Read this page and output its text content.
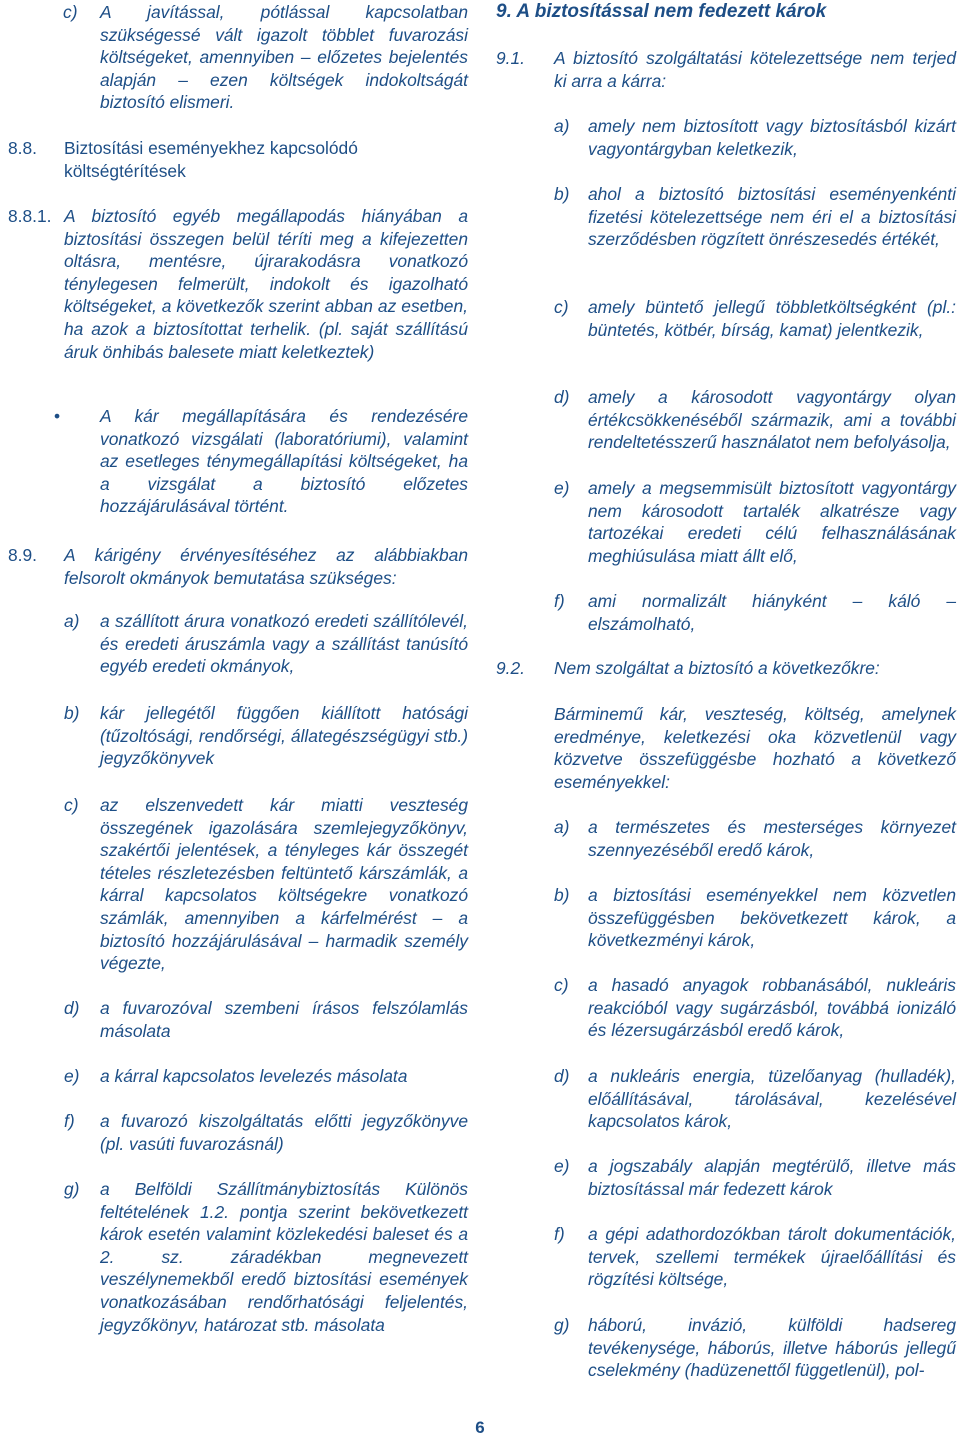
c)	A javítással, pótlással kapcsolatban szükségessé vált igazolt többlet fuvarozási költségeket, amennyiben – előzetes bejelentés alapján – ezen költségek indokoltságát biztosító elismeri.
8.8.	Biztosítási eseményekhez kapcsolódó költségtérítések
8.8.1. A biztosító egyéb megállapodás hiányában a biztosítási összegen belül téríti meg a kifejezetten oltásra, mentésre, újrarakodásra vonatkozó ténylegesen felmerült, indokolt és igazolható költségeket, a következők szerint abban az esetben, ha azok a biztosítottat terhelik. (pl. saját szállítású áruk önhibás balesete miatt keletkeztek)
•	A kár megállapítására és rendezésére vonatkozó vizsgálati (laboratóriumi), valamint az esetleges ténymegállapítási költségeket, ha a vizsgálat a biztosító előzetes hozzájárulásával történt.
8.9.	A kárigény érvényesítéséhez az alábbiakban felsorolt okmányok bemutatása szükséges:
a)	a szállított árura vonatkozó eredeti szállítólevél, és eredeti áruszámla vagy a szállítást tanúsító egyéb eredeti okmányok,
b)	kár jellegétől függően kiállított hatósági (tűzoltósági, rendőrségi, állategészségügyi stb.) jegyzőkönyvek
c)	az elszenvedett kár miatti veszteség összegének igazolására szemlejegyzőkönyv, szakértői jelentések, a tényleges kár összegét tételes részletezésben feltüntető kárszámlák, a kárral kapcsolatos költségekre vonatkozó számlák, amennyiben a kárfelmérést – a biztosító hozzájárulásával – harmadik személy végezte,
d)	a fuvarozóval szembeni írásos felszólamlás másolata
e)	a kárral kapcsolatos levelezés másolata
f)	a fuvarozó kiszolgáltatás előtti jegyzőkönyve (pl. vasúti fuvarozásnál)
g)	a Belföldi Szállítmánybiztosítás Különös feltételének 1.2. pontja szerint bekövetkezett károk esetén valamint közlekedési baleset és a 2. sz. záradékban megnevezett veszélynemekből eredő biztosítási események vonatkozásában rendőrhatósági feljelentés, jegyzőkönyv, határozat stb. másolata
9. A biztosítással nem fedezett károk
9.1.	A biztosító szolgáltatási kötelezettsége nem terjed ki arra a kárra:
a)	amely nem biztosított vagy biztosításból kizárt vagyontárgyban keletkezik,
b)	ahol a biztosító biztosítási eseményenkénti fizetési kötelezettsége nem éri el a biztosítási szerződésben rögzített önrészesedés értékét,
c)	amely büntető jellegű többletköltségként (pl.: büntetés, kötbér, bírság, kamat) jelentkezik,
d)	amely a károsodott vagyontárgy olyan értékcsökkenéséből származik, ami a további rendeltetésszerű használatot nem befolyásolja,
e)	amely a megsemmisült biztosított vagyontárgy nem károsodott tartalék alkatrésze vagy tartozékai eredeti célú felhasználásának meghiúsulása miatt állt elő,
f)	ami normalizált hiányként – káló – elszámolható,
9.2.	Nem szolgáltat a biztosító a következőkre:
Bárminemű kár, veszteség, költség, amelynek eredménye, keletkezési oka közvetlenül vagy közvetve összefüggésbe hozható a következő eseményekkel:
a)	a természetes és mesterséges környezet szennyezéséből eredő károk,
b)	a biztosítási eseményekkel nem közvetlen összefüggésben bekövetkezett károk, a következményi károk,
c)	a hasadó anyagok robbanásából, nukleáris reakcióból vagy sugárzásból, továbbá ionizáló és lézersugárzásból eredő károk,
d)	a nukleáris energia, tüzelőanyag (hulladék), előállításával, tárolásával, kezelésével kapcsolatos károk,
e)	a jogszabály alapján megtérülő, illetve más biztosítással már fedezett károk
f)	a gépi adathordozókban tárolt dokumentációk, tervek, szellemi termékek újraelőállítási és rögzítési költsége,
g)	háború, invázió, külföldi hadsereg tevékenysége, háborús, illetve háborús jellegű cselekmény (hadüzenettől függetlenül), pol-
6
